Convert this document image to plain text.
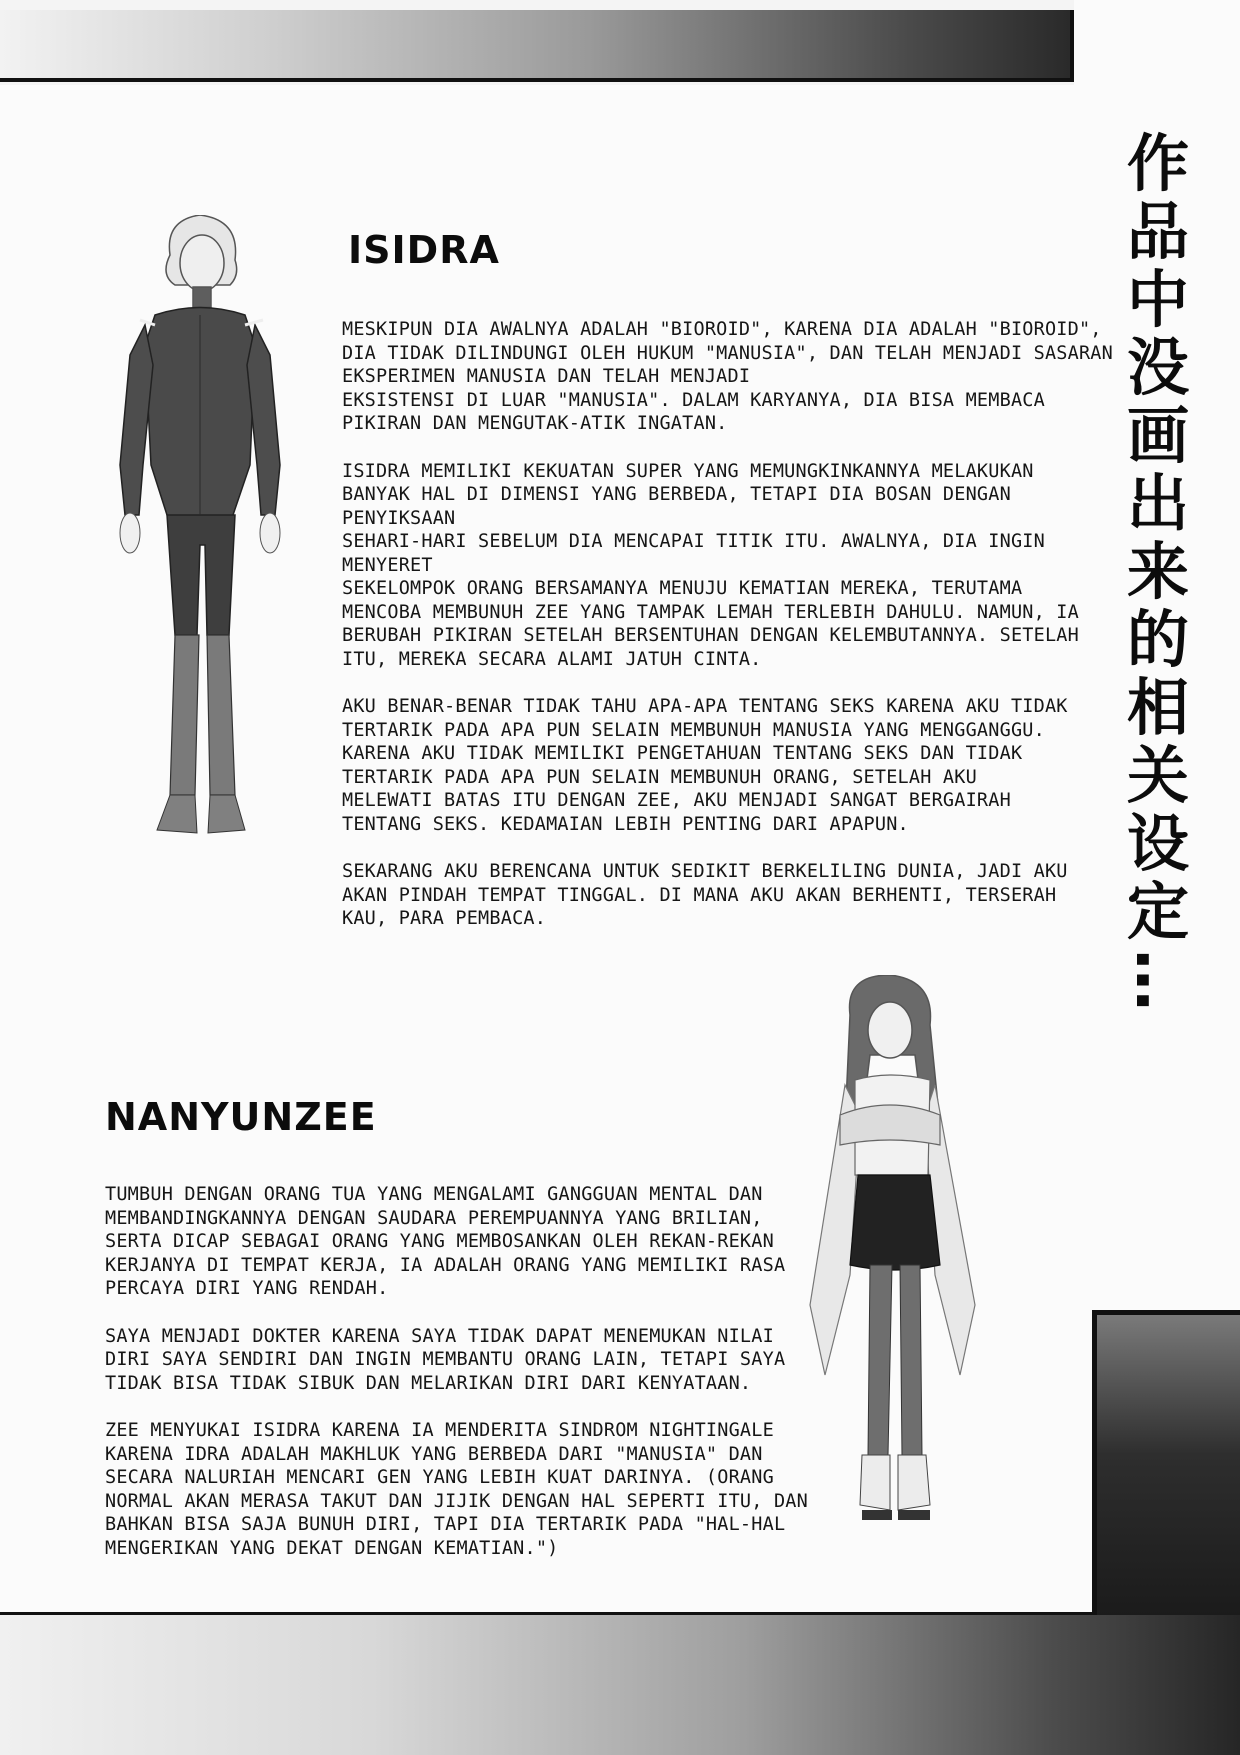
作
品
中
没
画
出
来
的
相
关
设
定
…
ISIDRA

MESKIPUN DIA AWALNYA ADALAH "BIOROID", KARENA DIA ADALAH "BIOROID",
DIA TIDAK DILINDUNGI OLEH HUKUM "MANUSIA", DAN TELAH MENJADI SASARAN
EKSPERIMEN MANUSIA DAN TELAH MENJADI
EKSISTENSI DI LUAR "MANUSIA". DALAM KARYANYA, DIA BISA MEMBACA
PIKIRAN DAN MENGUTAK-ATIK INGATAN.

ISIDRA MEMILIKI KEKUATAN SUPER YANG MEMUNGKINKANNYA MELAKUKAN
BANYAK HAL DI DIMENSI YANG BERBEDA, TETAPI DIA BOSAN DENGAN PENYIKSAAN
SEHARI-HARI SEBELUM DIA MENCAPAI TITIK ITU. AWALNYA, DIA INGIN MENYERET
SEKELOMPOK ORANG BERSAMANYA MENUJU KEMATIAN MEREKA, TERUTAMA
MENCOBA MEMBUNUH ZEE YANG TAMPAK LEMAH TERLEBIH DAHULU. NAMUN, IA
BERUBAH PIKIRAN SETELAH BERSENTUHAN DENGAN KELEMBUTANNYA. SETELAH
ITU, MEREKA SECARA ALAMI JATUH CINTA.

AKU BENAR-BENAR TIDAK TAHU APA-APA TENTANG SEKS KARENA AKU TIDAK
TERTARIK PADA APA PUN SELAIN MEMBUNUH MANUSIA YANG MENGGANGGU.
KARENA AKU TIDAK MEMILIKI PENGETAHUAN TENTANG SEKS DAN TIDAK
TERTARIK PADA APA PUN SELAIN MEMBUNUH ORANG, SETELAH AKU
MELEWATI BATAS ITU DENGAN ZEE, AKU MENJADI SANGAT BERGAIRAH
TENTANG SEKS. KEDAMAIAN LEBIH PENTING DARI APAPUN.

SEKARANG AKU BERENCANA UNTUK SEDIKIT BERKELILING DUNIA, JADI AKU
AKAN PINDAH TEMPAT TINGGAL. DI MANA AKU AKAN BERHENTI, TERSERAH
KAU, PARA PEMBACA.

NANYUNZEE

TUMBUH DENGAN ORANG TUA YANG MENGALAMI GANGGUAN MENTAL DAN
MEMBANDINGKANNYA DENGAN SAUDARA PEREMPUANNYA YANG BRILIAN,
SERTA DICAP SEBAGAI ORANG YANG MEMBOSANKAN OLEH REKAN-REKAN
KERJANYA DI TEMPAT KERJA, IA ADALAH ORANG YANG MEMILIKI RASA
PERCAYA DIRI YANG RENDAH.

SAYA MENJADI DOKTER KARENA SAYA TIDAK DAPAT MENEMUKAN NILAI
DIRI SAYA SENDIRI DAN INGIN MEMBANTU ORANG LAIN, TETAPI SAYA
TIDAK BISA TIDAK SIBUK DAN MELARIKAN DIRI DARI KENYATAAN.

ZEE MENYUKAI ISIDRA KARENA IA MENDERITA SINDROM NIGHTINGALE
KARENA IDRA ADALAH MAKHLUK YANG BERBEDA DARI "MANUSIA" DAN
SECARA NALURIAH MENCARI GEN YANG LEBIH KUAT DARINYA. (ORANG
NORMAL AKAN MERASA TAKUT DAN JIJIK DENGAN HAL SEPERTI ITU, DAN
BAHKAN BISA SAJA BUNUH DIRI, TAPI DIA TERTARIK PADA "HAL-HAL
MENGERIKAN YANG DEKAT DENGAN KEMATIAN.")
